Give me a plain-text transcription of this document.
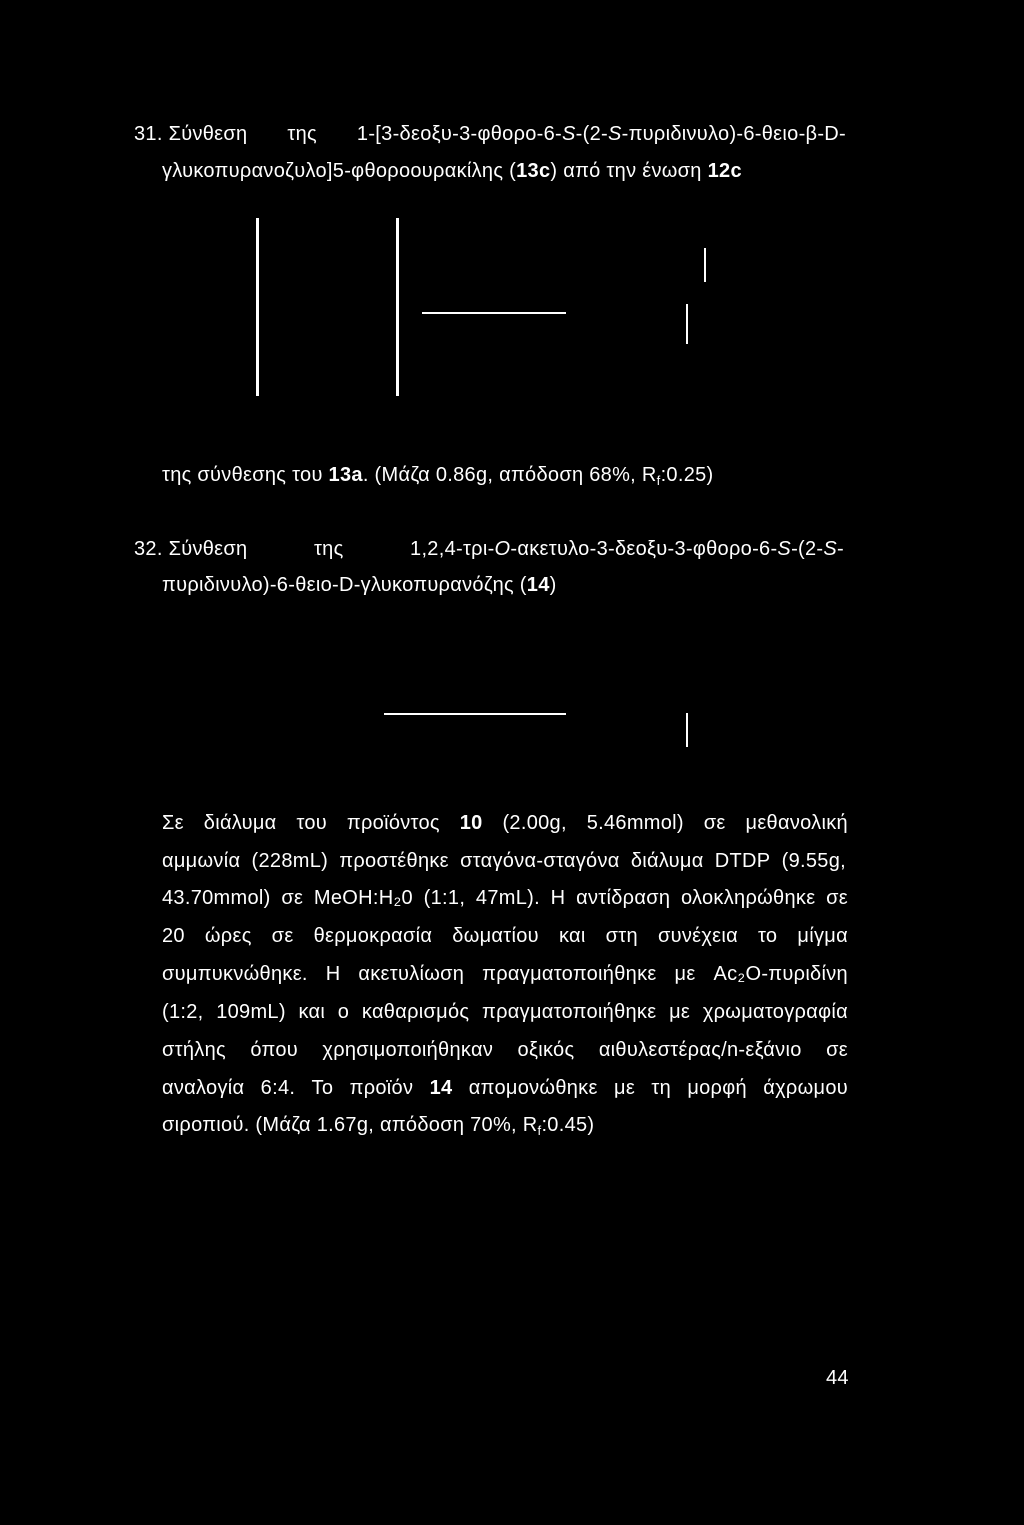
31. Σύνθεση της 1-[3-δεοξυ-3-φθορο-6-S-(2-S-πυριδινυλο)-6-θειο-β-D-
γλυκοπυρανοζυλο]5-φθοροουρακίλης (13c) από την ένωση 12c
της σύνθεσης του 13a. (Μάζα 0.86g, απόδοση 68%, $R_f:0.25$)
32. Σύνθεση	της	1,2,4-τρι-O-ακετυλο-3-δεοξυ-3-φθορο-6-S-(2-S-
πυριδινυλο)-6-θειο-D-γλυκοπυρανόζης (14)
Σε διάλυμα του προϊόντος 10 (2.00g, 5.46mmol) σε μεθανολική
αμμωνία (228mL) προστέθηκε σταγόνα-σταγόνα διάλυμα DTDP (9.55g,
43.70mmol) σε MeOH:H₂0 (1:1, 47mL). Η αντίδραση ολοκληρώθηκε σε
20 ώρες σε θερμοκρασία δωματίου και στη συνέχεια το μίγμα
συμπυκνώθηκε. Η ακετυλίωση πραγματοποιήθηκε με Ac₂O-πυριδίνη
(1:2, 109mL) και ο καθαρισμός πραγματοποιήθηκε με χρωματογραφία
στήλης όπου χρησιμοποιήθηκαν οξικός αιθυλεστέρας/n-εξάνιο σε
αναλογία 6:4. Το προϊόν 14 απομονώθηκε με τη μορφή άχρωμου
σιροπιού. (Μάζα 1.67g, απόδοση 70%, $R_f:0.45$)
44
